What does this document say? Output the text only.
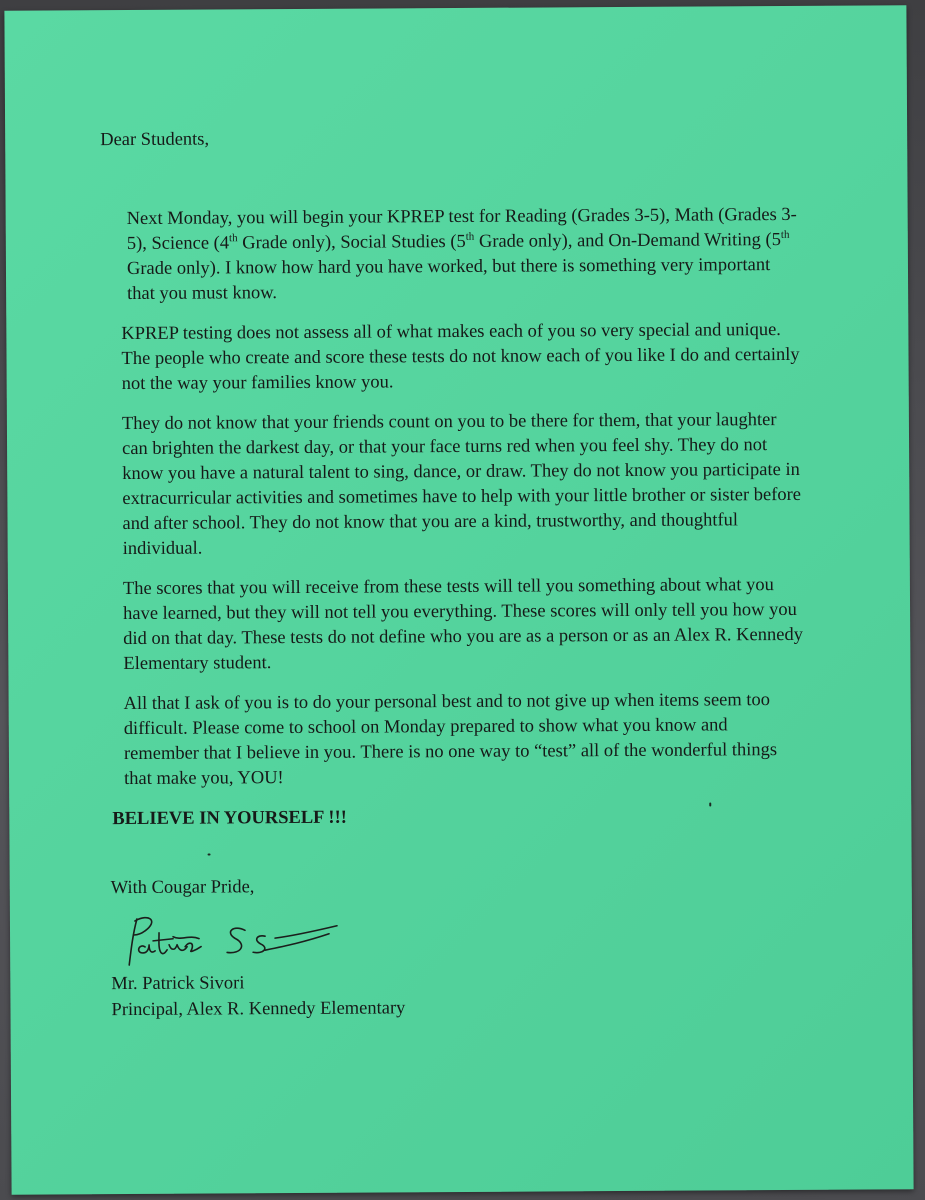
Dear Students,

Next Monday, you will begin your KPREP test for Reading (Grades 3-5), Math (Grades 3-5), Science (4th Grade only), Social Studies (5th Grade only), and On-Demand Writing (5th Grade only). I know how hard you have worked, but there is something very important that you must know.

KPREP testing does not assess all of what makes each of you so very special and unique. The people who create and score these tests do not know each of you like I do and certainly not the way your families know you.

They do not know that your friends count on you to be there for them, that your laughter can brighten the darkest day, or that your face turns red when you feel shy. They do not know you have a natural talent to sing, dance, or draw. They do not know you participate in extracurricular activities and sometimes have to help with your little brother or sister before and after school. They do not know that you are a kind, trustworthy, and thoughtful individual.

The scores that you will receive from these tests will tell you something about what you have learned, but they will not tell you everything. These scores will only tell you how you did on that day. These tests do not define who you are as a person or as an Alex R. Kennedy Elementary student.

All that I ask of you is to do your personal best and to not give up when items seem too difficult. Please come to school on Monday prepared to show what you know and remember that I believe in you. There is no one way to “test” all of the wonderful things that make you, YOU!

BELIEVE IN YOURSELF !!!

With Cougar Pride,

Mr. Patrick Sivori

Principal, Alex R. Kennedy Elementary
